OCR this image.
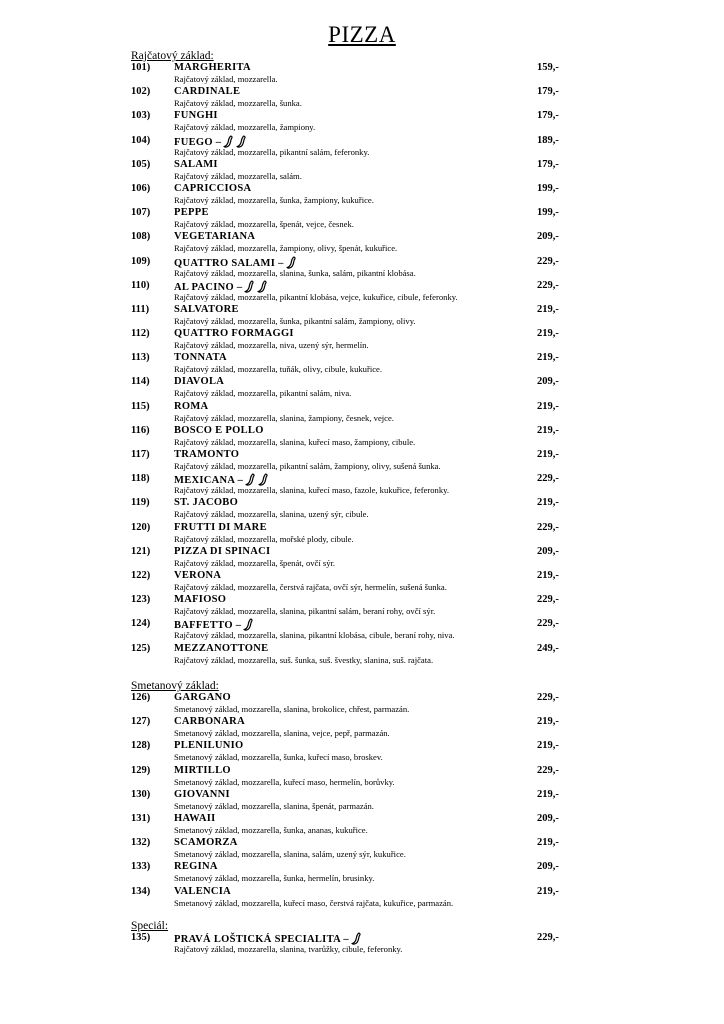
PIZZA
Rajčatový základ:
101) MARGHERITA	159,-
Rajčatový základ, mozzarella.
102) CARDINALE	179,-
Rajčatový základ, mozzarella, šunka.
103) FUNGHI	179,-
Rajčatový základ, mozzarella, žampiony.
104) FUEGO –	189,-
Rajčatový základ, mozzarella, pikantní salám, feferonky.
105) SALAMI	179,-
Rajčatový základ, mozzarella, salám.
106) CAPRICCIOSA	199,-
Rajčatový základ, mozzarella, šunka, žampiony, kukuřice.
107) PEPPE	199,-
Rajčatový základ, mozzarella, špenát, vejce, česnek.
108) VEGETARIANA	209,-
Rajčatový základ, mozzarella, žampiony, olivy, špenát, kukuřice.
109) QUATTRO SALAMI –	229,-
Rajčatový základ, mozzarella, slanina, šunka, salám, pikantní klobása.
110) AL PACINO –	229,-
Rajčatový základ, mozzarella, pikantní klobása, vejce, kukuřice, cibule, feferonky.
111) SALVATORE	219,-
Rajčatový základ, mozzarella, šunka, pikantní salám, žampiony, olivy.
112) QUATTRO FORMAGGI	219,-
Rajčatový základ, mozzarella, niva, uzený sýr, hermelín.
113) TONNATA	219,-
Rajčatový základ, mozzarella, tuňák, olivy, cibule, kukuřice.
114) DIAVOLA	209,-
Rajčatový základ, mozzarella, pikantní salám, niva.
115) ROMA	219,-
Rajčatový základ, mozzarella, slanina, žampiony, česnek, vejce.
116) BOSCO E POLLO	219,-
Rajčatový základ, mozzarella, slanina, kuřecí maso, žampiony, cibule.
117) TRAMONTO	219,-
Rajčatový základ, mozzarella, pikantní salám, žampiony, olivy, sušená šunka.
118) MEXICANA –	229,-
Rajčatový základ, mozzarella, slanina, kuřecí maso, fazole, kukuřice, feferonky.
119) ST. JACOBO	219,-
Rajčatový základ, mozzarella, slanina, uzený sýr, cibule.
120) FRUTTI DI MARE	229,-
Rajčatový základ, mozzarella, mořské plody, cibule.
121) PIZZA DI SPINACI	209,-
Rajčatový základ, mozzarella, špenát, ovčí sýr.
122) VERONA	219,-
Rajčatový základ, mozzarella, čerstvá rajčata, ovčí sýr, hermelín, sušená šunka.
123) MAFIOSO	229,-
Rajčatový základ, mozzarella, slanina, pikantní salám, beraní rohy, ovčí sýr.
124) BAFFETTO –	229,-
Rajčatový základ, mozzarella, slanina, pikantní klobása, cibule, beraní rohy, niva.
125) MEZZANOTTONE	249,-
Rajčatový základ, mozzarella, suš. šunka, suš. švestky, slanina, suš. rajčata.
Smetanový základ:
126) GARGANO	229,-
Smetanový základ, mozzarella, slanina, brokolice, chřest, parmazán.
127) CARBONARA	219,-
Smetanový základ, mozzarella, slanina, vejce, pepř, parmazán.
128) PLENILUNIO	219,-
Smetanový základ, mozzarella, šunka, kuřecí maso, broskev.
129) MIRTILLO	229,-
Smetanový základ, mozzarella, kuřecí maso, hermelín, borůvky.
130) GIOVANNI	219,-
Smetanový základ, mozzarella, slanina, špenát, parmazán.
131) HAWAII	209,-
Smetanový základ, mozzarella, šunka, ananas, kukuřice.
132) SCAMORZA	219,-
Smetanový základ, mozzarella, slanina, salám, uzený sýr, kukuřice.
133) REGINA	209,-
Smetanový základ, mozzarella, šunka, hermelín, brusinky.
134) VALENCIA	219,-
Smetanový základ, mozzarella, kuřecí maso, čerstvá rajčata, kukuřice, parmazán.
Speciál:
135) PRAVÁ LOŠTICKÁ SPECIALITA –	229,-
Rajčatový základ, mozzarella, slanina, tvarůžky, cibule, feferonky.
